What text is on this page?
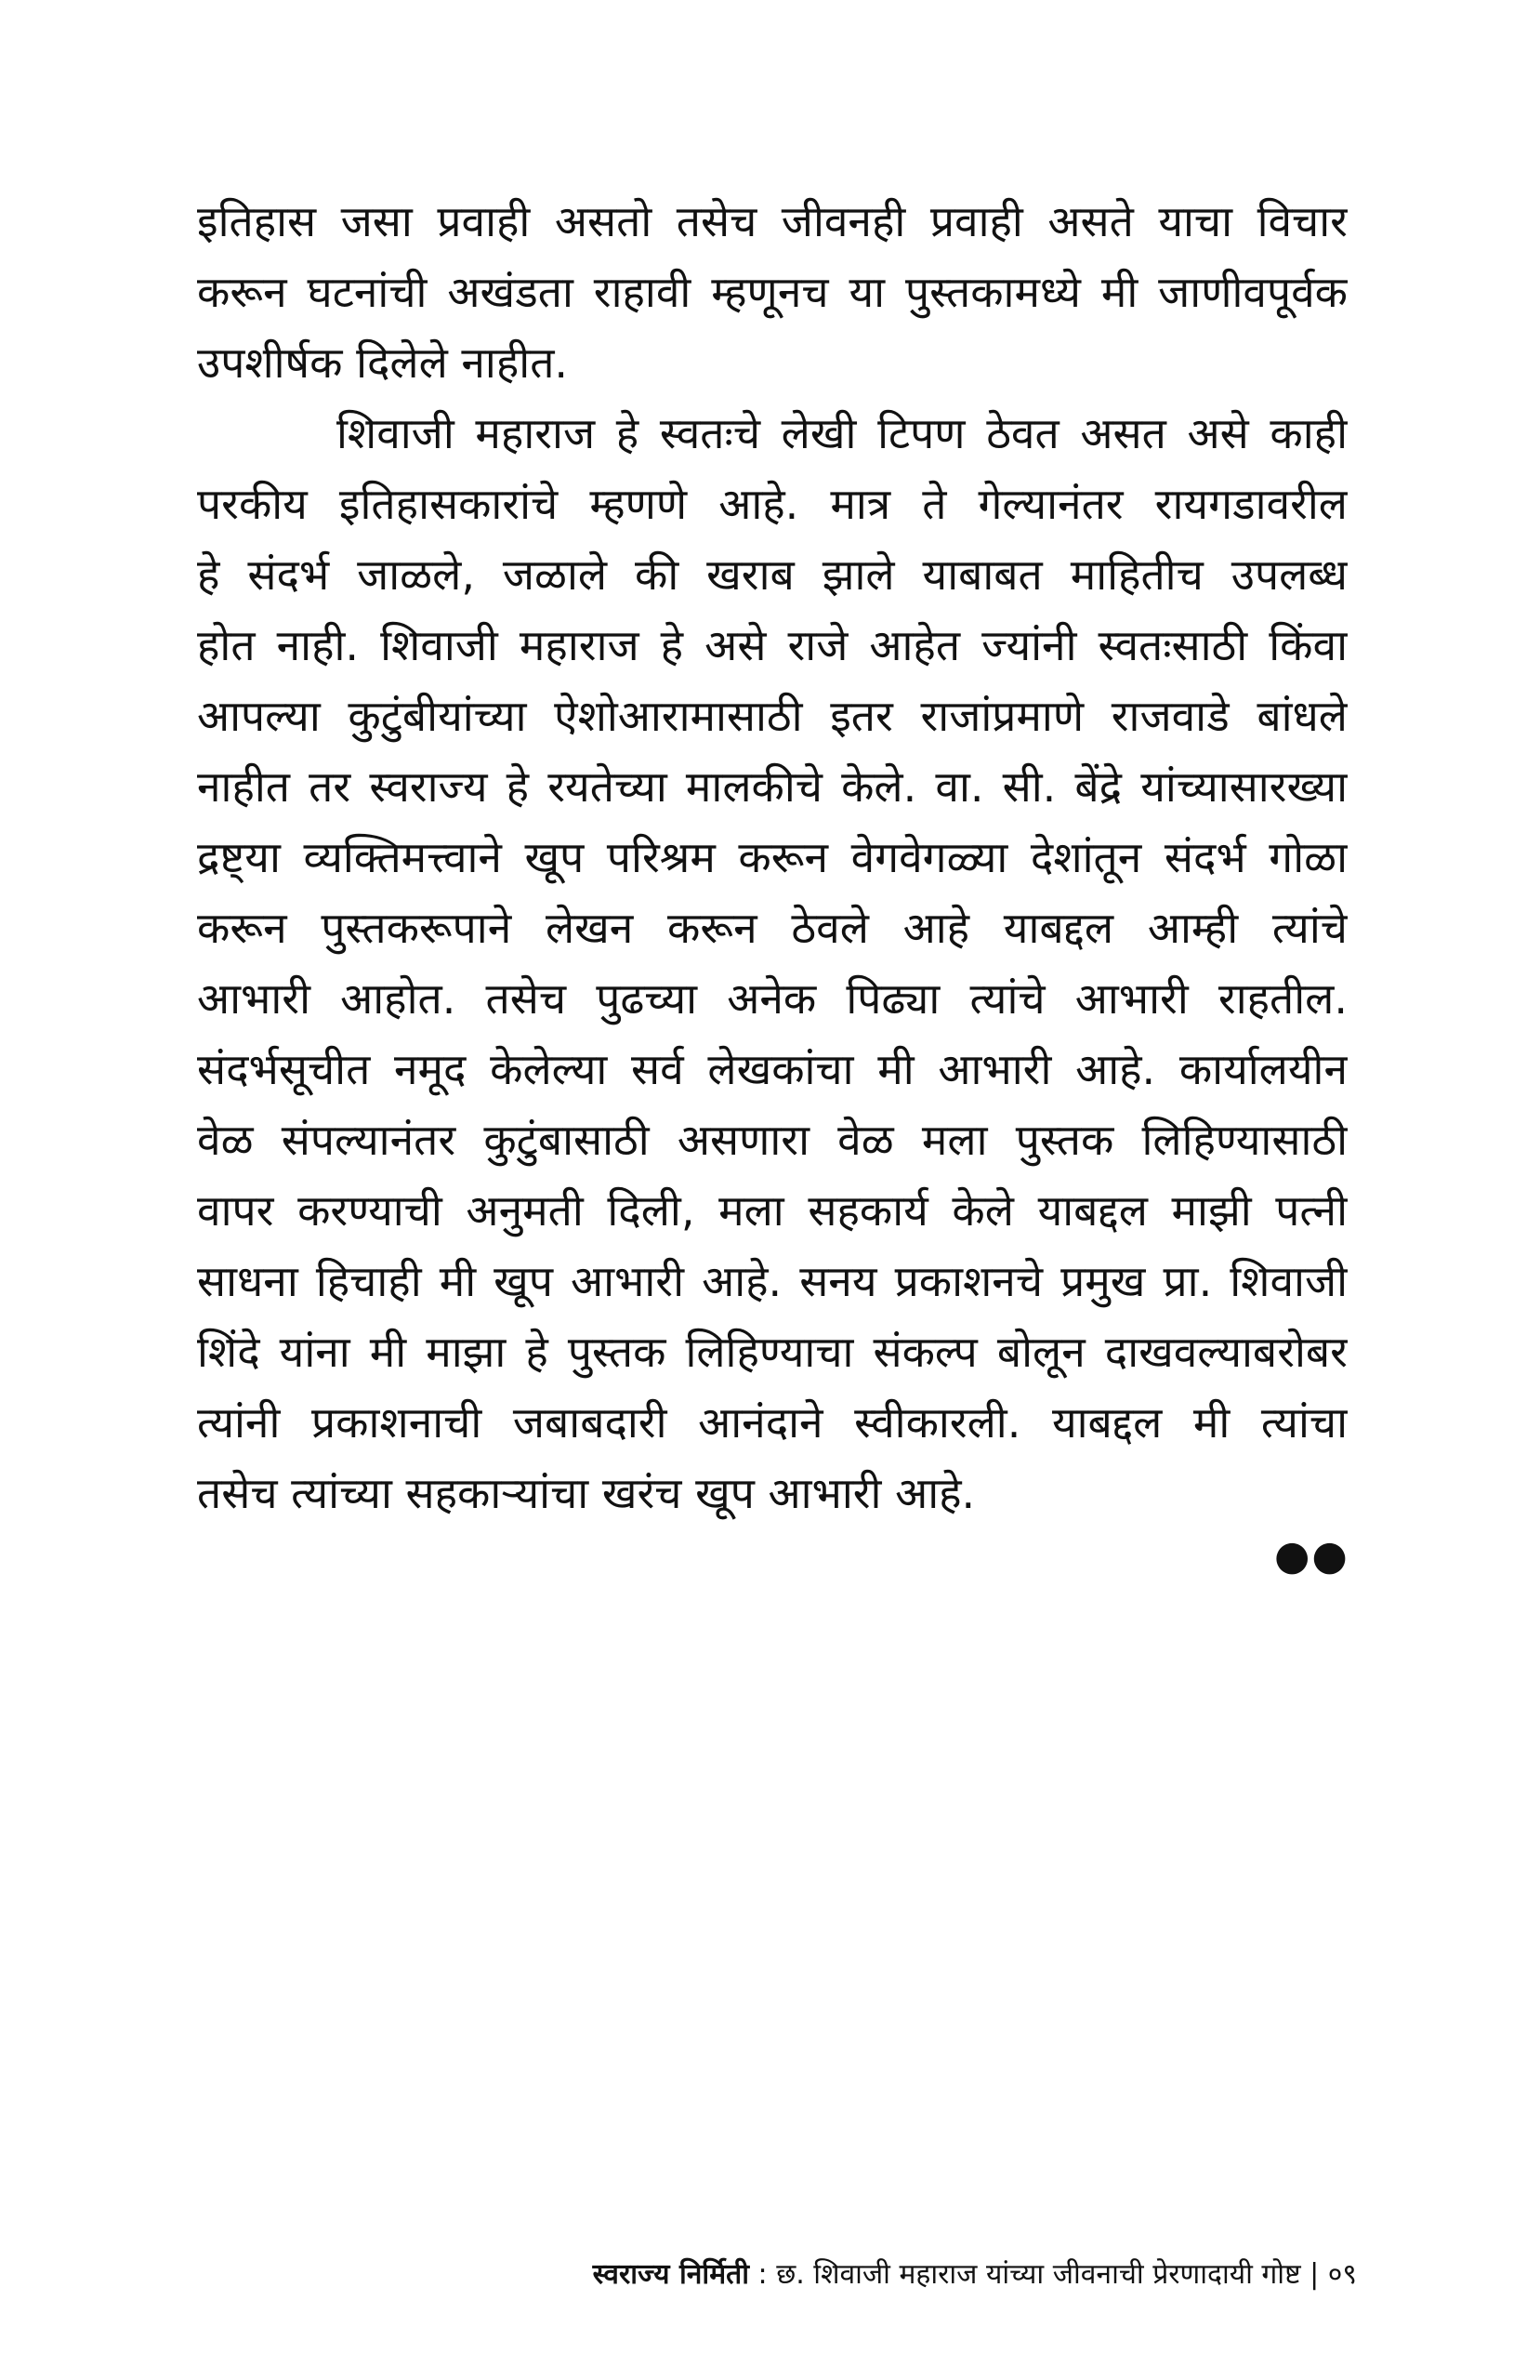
इतिहास जसा प्रवाही असतो तसेच जीवनही प्रवाही असते याचा विचार
करून घटनांची अखंडता राहावी म्हणूनच या पुस्तकामध्ये मी जाणीवपूर्वक
उपशीर्षक दिलेले नाहीत.
शिवाजी महाराज हे स्वतःचे लेखी टिपण ठेवत असत असे काही
परकीय इतिहासकारांचे म्हणणे आहे. मात्र ते गेल्यानंतर रायगडावरील
हे संदर्भ जाळले, जळाले की खराब झाले याबाबत माहितीच उपलब्ध
होत नाही. शिवाजी महाराज हे असे राजे आहेत ज्यांनी स्वतःसाठी किंवा
आपल्या कुटुंबीयांच्या ऐशोआरामासाठी इतर राजांप्रमाणे राजवाडे बांधले
नाहीत तर स्वराज्य हे रयतेच्या मालकीचे केले. वा. सी. बेंद्रे यांच्यासारख्या
द्रष्ट्या व्यक्तिमत्त्वाने खूप परिश्रम करून वेगवेगळ्या देशांतून संदर्भ गोळा
करून पुस्तकरूपाने लेखन करून ठेवले आहे याबद्दल आम्ही त्यांचे
आभारी आहोत. तसेच पुढच्या अनेक पिढ्या त्यांचे आभारी राहतील.
संदर्भसूचीत नमूद केलेल्या सर्व लेखकांचा मी आभारी आहे. कार्यालयीन
वेळ संपल्यानंतर कुटुंबासाठी असणारा वेळ मला पुस्तक लिहिण्यासाठी
वापर करण्याची अनुमती दिली, मला सहकार्य केले याबद्दल माझी पत्नी
साधना हिचाही मी खूप आभारी आहे. सनय प्रकाशनचे प्रमुख प्रा. शिवाजी
शिंदे यांना मी माझा हे पुस्तक लिहिण्याचा संकल्प बोलून दाखवल्याबरोबर
त्यांनी प्रकाशनाची जबाबदारी आनंदाने स्वीकारली. याबद्दल मी त्यांचा
तसेच त्यांच्या सहकाऱ्यांचा खरंच खूप आभारी आहे.
●●
स्वराज्य निर्मिती : छ. शिवाजी महाराज यांच्या जीवनाची प्रेरणादायी गोष्ट | ०९
